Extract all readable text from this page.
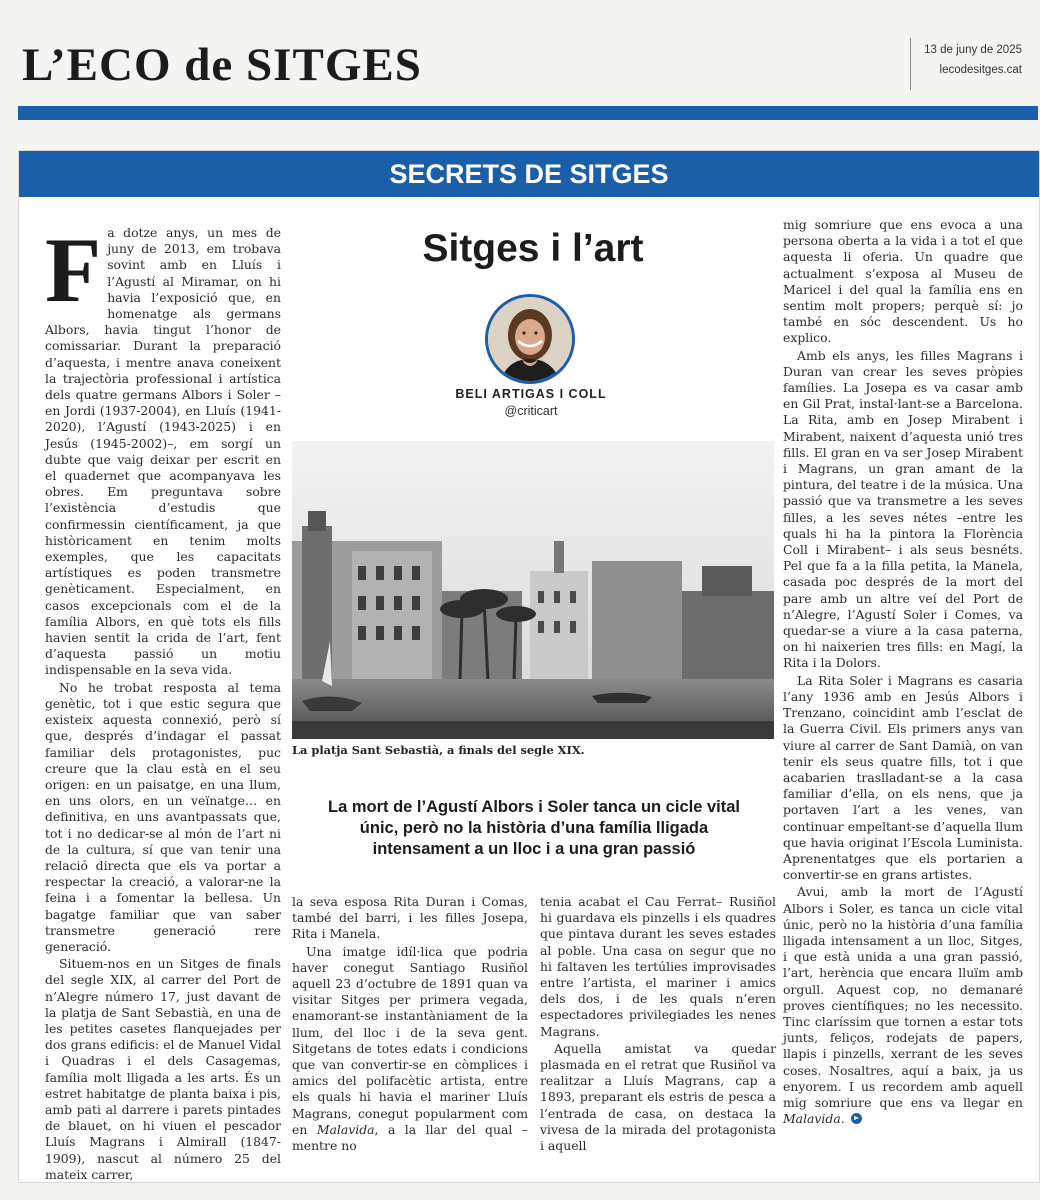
L’ECO de SITGES	13 de juny de 2025
lecodesitges.cat
SECRETS DE SITGES

Fa dotze anys, un mes de juny de 2013, em trobava sovint amb en Lluís i l’Agustí al Miramar, on hi havia l’exposició que, en homenatge als germans Albors, havia tingut l’honor de comissariar. Durant la preparació d’aquesta, i mentre anava coneixent la trajectòria professional i artística dels quatre germans Albors i Soler –en Jordi (1937-2004), en Lluís (1941-2020), l’Agustí (1943-2025) i en Jesús (1945-2002)–, em sorgí un dubte que vaig deixar per escrit en el quadernet que acompanyava les obres. Em preguntava sobre l’existència d’estudis que confirmessin científicament, ja que històricament en tenim molts exemples, que les capacitats artístiques es poden transmetre genèticament. Especialment, en casos excepcionals com el de la família Albors, en què tots els fills havien sentit la crida de l’art, fent d’aquesta passió un motiu indispensable en la seva vida.

No he trobat resposta al tema genètic, tot i que estic segura que existeix aquesta connexió, però sí que, després d’indagar el passat familiar dels protagonistes, puc creure que la clau està en el seu origen: en un paisatge, en una llum, en uns olors, en un veïnatge… en definitiva, en uns avantpassats que, tot i no dedicar-se al món de l’art ni de la cultura, sí que van tenir una relació directa que els va portar a respectar la creació, a valorar-ne la feina i a fomentar la bellesa. Un bagatge familiar que van saber transmetre generació rere generació.

Situem-nos en un Sitges de finals del segle XIX, al carrer del Port de n’Alegre número 17, just davant de la platja de Sant Sebastià, en una de les petites casetes flanquejades per dos grans edificis: el de Manuel Vidal i Quadras i el dels Casagemas, família molt lligada a les arts. És un estret habitatge de planta baixa i pis, amb pati al darrere i parets pintades de blauet, on hi viuen el pescador Lluís Magrans i Almirall (1847-1909), nascut al número 25 del mateix carrer,

Sitges i l’art
BELI ARTIGAS I COLL
@criticart
La platja Sant Sebastià, a finals del segle XIX.
La mort de l’Agustí Albors i Soler tanca un cicle vital únic, però no la història d’una família lligada intensament a un lloc i a una gran passió

la seva esposa Rita Duran i Comas, també del barri, i les filles Josepa, Rita i Manela.

Una imatge idíl·lica que podria haver conegut Santiago Rusiñol aquell 23 d’octubre de 1891 quan va visitar Sitges per primera vegada, enamorant-se instantàniament de la llum, del lloc i de la seva gent. Sitgetans de totes edats i condicions que van convertir-se en còmplices i amics del polifacètic artista, entre els quals hi havia el mariner Lluís Magrans, conegut popularment com en Malavida, a la llar del qual –mentre no

tenia acabat el Cau Ferrat– Rusiñol hi guardava els pinzells i els quadres que pintava durant les seves estades al poble. Una casa on segur que no hi faltaven les tertúlies improvisades entre l’artista, el mariner i amics dels dos, i de les quals n’eren espectadores privilegiades les nenes Magrans.

Aquella amistat va quedar plasmada en el retrat que Rusiñol va realitzar a Lluís Magrans, cap a 1893, preparant els estris de pesca a l’entrada de casa, on destaca la vivesa de la mirada del protagonista i aquell

mig somriure que ens evoca a una persona oberta a la vida i a tot el que aquesta li oferia. Un quadre que actualment s’exposa al Museu de Maricel i del qual la família ens en sentim molt propers; perquè sí: jo també en sóc descendent. Us ho explico.

Amb els anys, les filles Magrans i Duran van crear les seves pròpies famílies. La Josepa es va casar amb en Gil Prat, instal·lant-se a Barcelona. La Rita, amb en Josep Mirabent i Mirabent, naixent d’aquesta unió tres fills. El gran en va ser Josep Mirabent i Magrans, un gran amant de la pintura, del teatre i de la música. Una passió que va transmetre a les seves filles, a les seves nétes –entre les quals hi ha la pintora la Florència Coll i Mirabent– i als seus besnéts. Pel que fa a la filla petita, la Manela, casada poc després de la mort del pare amb un altre veí del Port de n’Alegre, l’Agustí Soler i Comes, va quedar-se a viure a la casa paterna, on hi naixerien tres fills: en Magí, la Rita i la Dolors.

La Rita Soler i Magrans es casaria l’any 1936 amb en Jesús Albors i Trenzano, coincidint amb l’esclat de la Guerra Civil. Els primers anys van viure al carrer de Sant Damià, on van tenir els seus quatre fills, tot i que acabarien traslladant-se a la casa familiar d’ella, on els nens, que ja portaven l’art a les venes, van continuar empeltant-se d’aquella llum que havia originat l’Escola Luminista. Aprenentatges que els portarien a convertir-se en grans artistes.

Avui, amb la mort de l’Agustí Albors i Soler, es tanca un cicle vital únic, però no la història d’una família lligada intensament a un lloc, Sitges, i que està unida a una gran passió, l’art, herència que encara lluïm amb orgull. Aquest cop, no demanaré proves científiques; no les necessito. Tinc claríssim que tornen a estar tots junts, feliços, rodejats de papers, llapis i pinzells, xerrant de les seves coses. Nosaltres, aquí a baix, ja us enyorem. I us recordem amb aquell mig somriure que ens va llegar en Malavida.
